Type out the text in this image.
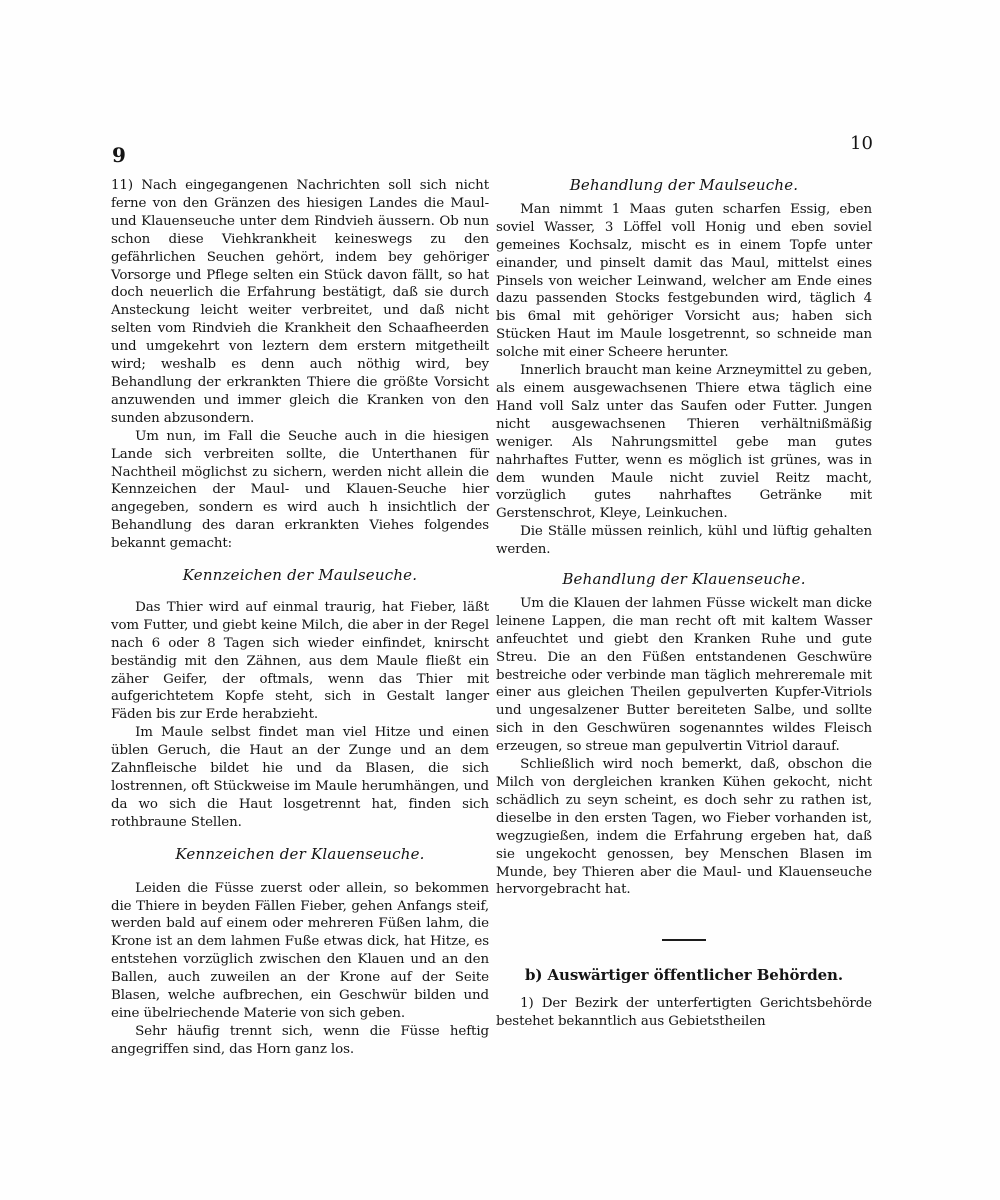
9	10

11) Nach eingegangenen Nachrichten soll sich nicht ferne von den Gränzen des hiesigen Landes die Maul- und Klauenseuche unter dem Rindvieh äussern. Ob nun schon diese Viehkrankheit keineswegs zu den gefährlichen Seuchen gehört, indem bey gehöriger Vorsorge und Pflege selten ein Stück davon fällt, so hat doch neuerlich die Erfahrung bestätigt, daß sie durch Ansteckung leicht weiter verbreitet, und daß nicht selten vom Rindvieh die Krankheit den Schaafheerden und umgekehrt von leztern dem erstern mitgetheilt wird; weshalb es denn auch nöthig wird, bey Behandlung der erkrankten Thiere die größte Vorsicht anzuwenden und immer gleich die Kranken von den sunden abzusondern.

Um nun, im Fall die Seuche auch in die hiesigen Lande sich verbreiten sollte, die Unterthanen für Nachtheil möglichst zu sichern, werden nicht allein die Kennzeichen der Maul- und Klauen-Seuche hier angegeben, sondern es wird auch h insichtlich der Behandlung des daran erkrankten Viehes folgendes bekannt gemacht:

Kennzeichen der Maulseuche.

Das Thier wird auf einmal traurig, hat Fieber, läßt vom Futter, und giebt keine Milch, die aber in der Regel nach 6 oder 8 Tagen sich wieder einfindet, knirscht beständig mit den Zähnen, aus dem Maule fließt ein zäher Geifer, der oftmals, wenn das Thier mit aufgerichtetem Kopfe steht, sich in Gestalt langer Fäden bis zur Erde herabzieht.

Im Maule selbst findet man viel Hitze und einen üblen Geruch, die Haut an der Zunge und an dem Zahnfleische bildet hie und da Blasen, die sich lostrennen, oft Stückweise im Maule herumhängen, und da wo sich die Haut losgetrennt hat, finden sich rothbraune Stellen.

Kennzeichen der Klauenseuche.

Leiden die Füsse zuerst oder allein, so bekommen die Thiere in beyden Fällen Fieber, gehen Anfangs steif, werden bald auf einem oder mehreren Füßen lahm, die Krone ist an dem lahmen Fuße etwas dick, hat Hitze, es entstehen vorzüglich zwischen den Klauen und an den Ballen, auch zuweilen an der Krone auf der Seite Blasen, welche aufbrechen, ein Geschwür bilden und eine übelriechende Materie von sich geben.

Sehr häufig trennt sich, wenn die Füsse heftig angegriffen sind, das Horn ganz los.

Behandlung der Maulseuche.

Man nimmt 1 Maas guten scharfen Essig, eben soviel Wasser, 3 Löffel voll Honig und eben soviel gemeines Kochsalz, mischt es in einem Topfe unter einander, und pinselt damit das Maul, mittelst eines Pinsels von weicher Leinwand, welcher am Ende eines dazu passenden Stocks festgebunden wird, täglich 4 bis 6mal mit gehöriger Vorsicht aus; haben sich Stücken Haut im Maule losgetrennt, so schneide man solche mit einer Scheere herunter.

Innerlich braucht man keine Arzneymittel zu geben, als einem ausgewachsenen Thiere etwa täglich eine Hand voll Salz unter das Saufen oder Futter. Jungen nicht ausgewachsenen Thieren verhältnißmäßig weniger. Als Nahrungsmittel gebe man gutes nahrhaftes Futter, wenn es möglich ist grünes, was in dem wunden Maule nicht zuviel Reitz macht, vorzüglich gutes nahrhaftes Getränke mit Gerstenschrot, Kleye, Leinkuchen.

Die Ställe müssen reinlich, kühl und lüftig gehalten werden.

Behandlung der Klauenseuche.

Um die Klauen der lahmen Füsse wickelt man dicke leinene Lappen, die man recht oft mit kaltem Wasser anfeuchtet und giebt den Kranken Ruhe und gute Streu. Die an den Füßen entstandenen Geschwüre bestreiche oder verbinde man täglich mehreremale mit einer aus gleichen Theilen gepulverten Kupfer-Vitriols und ungesalzener Butter bereiteten Salbe, und sollte sich in den Geschwüren sogenanntes wildes Fleisch erzeugen, so streue man gepulvertin Vitriol darauf.

Schließlich wird noch bemerkt, daß, obschon die Milch von dergleichen kranken Kühen gekocht, nicht schädlich zu seyn scheint, es doch sehr zu rathen ist, dieselbe in den ersten Tagen, wo Fieber vorhanden ist, wegzugießen, indem die Erfahrung ergeben hat, daß sie ungekocht genossen, bey Menschen Blasen im Munde, bey Thieren aber die Maul- und Klauenseuche hervorgebracht hat.

b) Auswärtiger öffentlicher Behörden.

1) Der Bezirk der unterfertigten Gerichtsbehörde bestehet bekanntlich aus Gebietstheilen
